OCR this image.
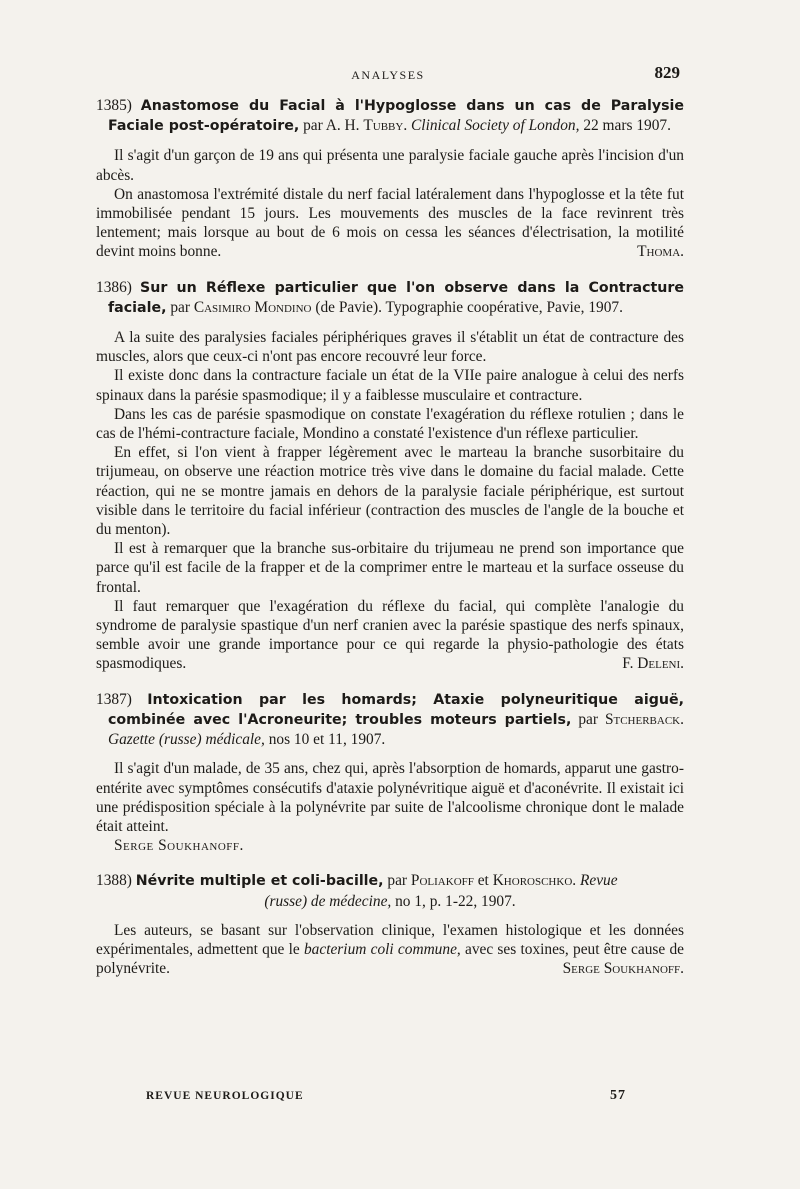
ANALYSES	829

1385) Anastomose du Facial à l'Hypoglosse dans un cas de Paralysie Faciale post-opératoire, par A. H. Tubby. Clinical Society of London, 22 mars 1907.

Il s'agit d'un garçon de 19 ans qui présenta une paralysie faciale gauche après l'incision d'un abcès.

On anastomosa l'extrémité distale du nerf facial latéralement dans l'hypoglosse et la tête fut immobilisée pendant 15 jours. Les mouvements des muscles de la face revinrent très lentement; mais lorsque au bout de 6 mois on cessa les séances d'électrisation, la motilité devint moins bonne.	Thoma.

1386) Sur un Réflexe particulier que l'on observe dans la Contracture faciale, par Casimiro Mondino (de Pavie). Typographie coopérative, Pavie, 1907.

A la suite des paralysies faciales périphériques graves il s'établit un état de contracture des muscles, alors que ceux-ci n'ont pas encore recouvré leur force.

Il existe donc dans la contracture faciale un état de la VIIe paire analogue à celui des nerfs spinaux dans la parésie spasmodique; il y a faiblesse musculaire et contracture.

Dans les cas de parésie spasmodique on constate l'exagération du réflexe rotulien ; dans le cas de l'hémi-contracture faciale, Mondino a constaté l'existence d'un réflexe particulier.

En effet, si l'on vient à frapper légèrement avec le marteau la branche susorbitaire du trijumeau, on observe une réaction motrice très vive dans le domaine du facial malade. Cette réaction, qui ne se montre jamais en dehors de la paralysie faciale périphérique, est surtout visible dans le territoire du facial inférieur (contraction des muscles de l'angle de la bouche et du menton).

Il est à remarquer que la branche sus-orbitaire du trijumeau ne prend son importance que parce qu'il est facile de la frapper et de la comprimer entre le marteau et la surface osseuse du frontal.

Il faut remarquer que l'exagération du réflexe du facial, qui complète l'analogie du syndrome de paralysie spastique d'un nerf cranien avec la parésie spastique des nerfs spinaux, semble avoir une grande importance pour ce qui regarde la physio-pathologie des états spasmodiques.	F. Deleni.

1387) Intoxication par les homards; Ataxie polyneuritique aiguë, combinée avec l'Acroneurite; troubles moteurs partiels, par Stcherback. Gazette (russe) médicale, nos 10 et 11, 1907.

Il s'agit d'un malade, de 35 ans, chez qui, après l'absorption de homards, apparut une gastro-entérite avec symptômes consécutifs d'ataxie polynévritique aiguë et d'aconévrite. Il existait ici une prédisposition spéciale à la polynévrite par suite de l'alcoolisme chronique dont le malade était atteint.

Serge Soukhanoff.

1388) Névrite multiple et coli-bacille, par Poliakoff et Khoroschko. Revue

(russe) de médecine, no 1, p. 1-22, 1907.

Les auteurs, se basant sur l'observation clinique, l'examen histologique et les données expérimentales, admettent que le bacterium coli commune, avec ses toxines, peut être cause de polynévrite.	Serge Soukhanoff.

REVUE NEUROLOGIQUE	57
